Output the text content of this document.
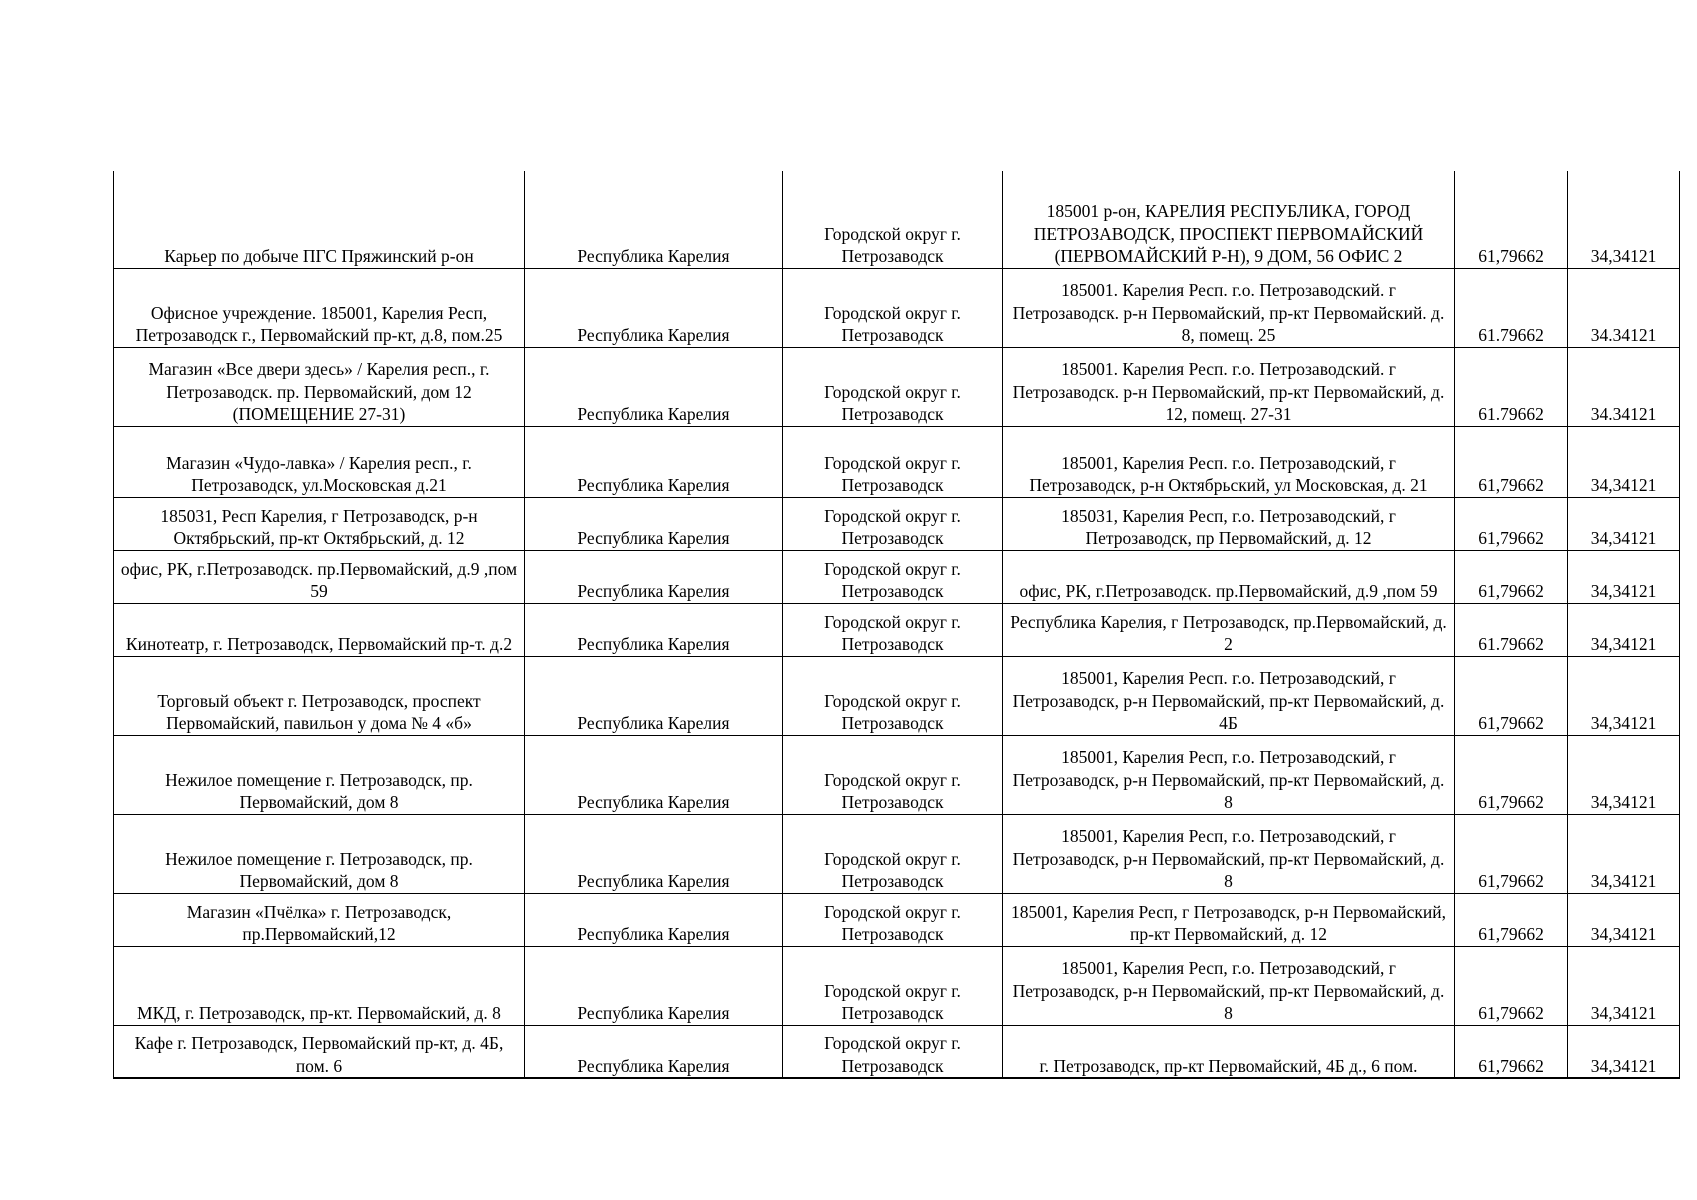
Карьер по добыче ПГС Пряжинский р-он	Республика Карелия	Городской округ г. Петрозаводск	185001 р-он, КАРЕЛИЯ РЕСПУБЛИКА, ГОРОД ПЕТРОЗАВОДСК, ПРОСПЕКТ ПЕРВОМАЙСКИЙ (ПЕРВОМАЙСКИЙ Р-Н), 9 ДОМ, 56 ОФИС 2	61,79662	34,34121
Офисное учреждение. 185001, Карелия Респ, Петрозаводск г., Первомайский пр-кт, д.8, пом.25	Республика Карелия	Городской округ г. Петрозаводск	185001. Карелия Респ. г.о. Петрозаводский. г Петрозаводск. р-н Первомайский, пр-кт Первомайский. д. 8, помещ. 25	61.79662	34.34121
Магазин «Все двери здесь» / Карелия респ., г. Петрозаводск. пр. Первомайский, дом 12 (ПОМЕЩЕНИЕ 27-31)	Республика Карелия	Городской округ г. Петрозаводск	185001. Карелия Респ. г.о. Петрозаводский. г Петрозаводск. р-н Первомайский, пр-кт Первомайский, д. 12, помещ. 27-31	61.79662	34.34121
Магазин «Чудо-лавка» / Карелия респ., г. Петрозаводск, ул.Московская д.21	Республика Карелия	Городской округ г. Петрозаводск	185001, Карелия Респ. г.о. Петрозаводский, г Петрозаводск, р-н Октябрьский, ул Московская, д. 21	61,79662	34,34121
185031, Респ Карелия, г Петрозаводск, р-н Октябрьский, пр-кт Октябрьский, д. 12	Республика Карелия	Городской округ г. Петрозаводск	185031, Карелия Респ, г.о. Петрозаводский, г Петрозаводск, пр Первомайский, д. 12	61,79662	34,34121
офис, РК, г.Петрозаводск. пр.Первомайский, д.9 ,пом 59	Республика Карелия	Городской округ г. Петрозаводск	офис, РК, г.Петрозаводск. пр.Первомайский, д.9 ,пом 59	61,79662	34,34121
Кинотеатр, г. Петрозаводск, Первомайский пр-т. д.2	Республика Карелия	Городской округ г. Петрозаводск	Республика Карелия, г Петрозаводск, пр.Первомайский, д. 2	61.79662	34,34121
Торговый объект г. Петрозаводск, проспект Первомайский, павильон у дома № 4 «б»	Республика Карелия	Городской округ г. Петрозаводск	185001, Карелия Респ. г.о. Петрозаводский, г Петрозаводск, р-н Первомайский, пр-кт Первомайский, д. 4Б	61,79662	34,34121
Нежилое помещение г. Петрозаводск, пр. Первомайский, дом 8	Республика Карелия	Городской округ г. Петрозаводск	185001, Карелия Респ, г.о. Петрозаводский, г Петрозаводск, р-н Первомайский, пр-кт Первомайский, д. 8	61,79662	34,34121
Нежилое помещение г. Петрозаводск, пр. Первомайский, дом 8	Республика Карелия	Городской округ г. Петрозаводск	185001, Карелия Респ, г.о. Петрозаводский, г Петрозаводск, р-н Первомайский, пр-кт Первомайский, д. 8	61,79662	34,34121
Магазин «Пчёлка» г. Петрозаводск, пр.Первомайский,12	Республика Карелия	Городской округ г. Петрозаводск	185001, Карелия Респ, г Петрозаводск, р-н Первомайский, пр-кт Первомайский, д. 12	61,79662	34,34121
МКД, г. Петрозаводск, пр-кт. Первомайский, д. 8	Республика Карелия	Городской округ г. Петрозаводск	185001, Карелия Респ, г.о. Петрозаводский, г Петрозаводск, р-н Первомайский, пр-кт Первомайский, д. 8	61,79662	34,34121
Кафе г. Петрозаводск, Первомайский пр-кт, д. 4Б, пом. 6	Республика Карелия	Городской округ г. Петрозаводск	г. Петрозаводск, пр-кт Первомайский, 4Б д., 6 пом.	61,79662	34,34121
